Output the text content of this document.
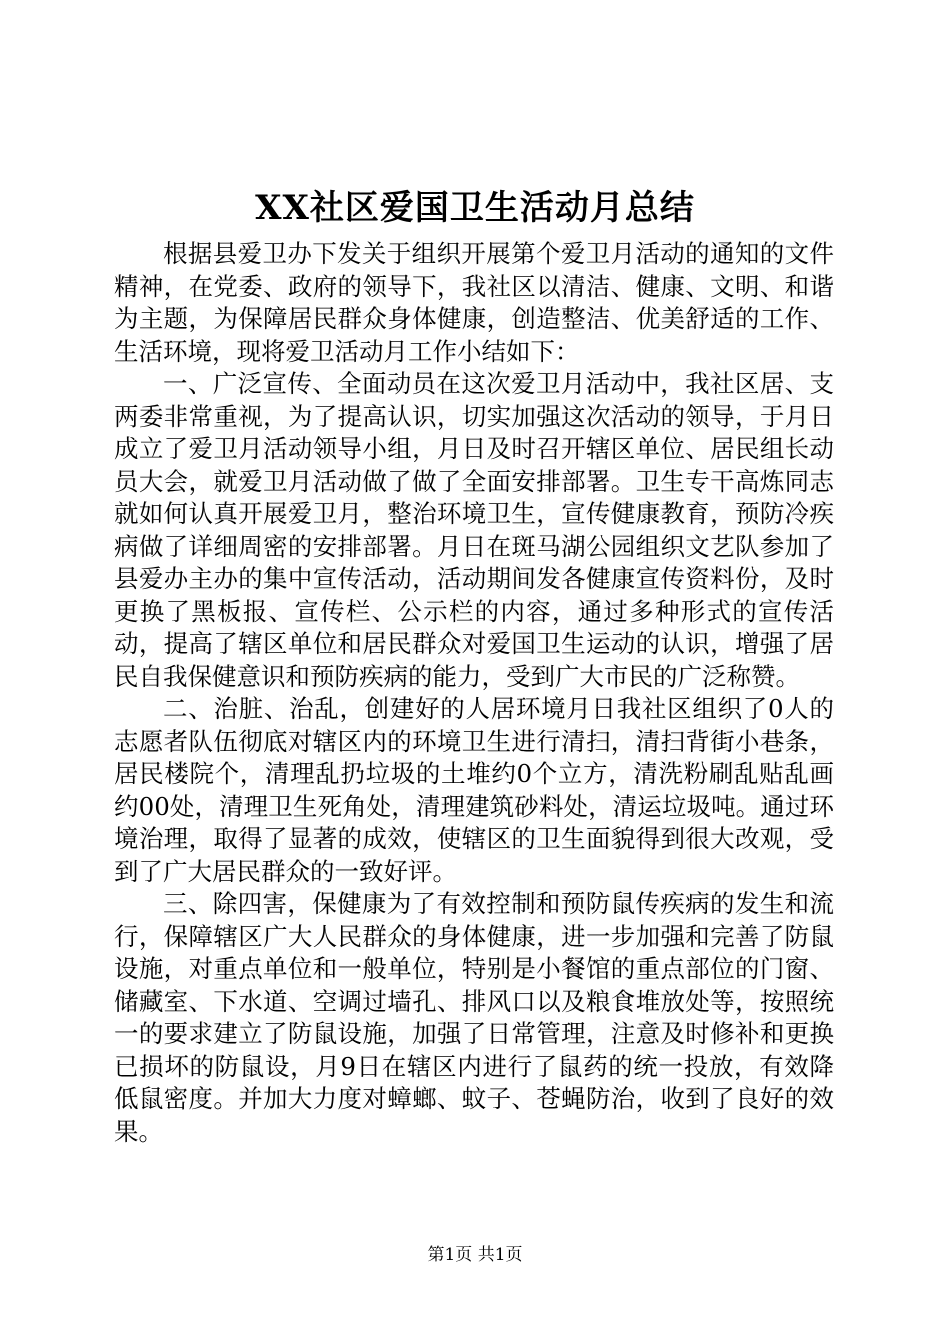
XX社区爱国卫生活动月总结

根据县爱卫办下发关于组织开展第个爱卫月活动的通知的文件精神，在党委、政府的领导下，我社区以清洁、健康、文明、和谐为主题，为保障居民群众身体健康，创造整洁、优美舒适的工作、生活环境，现将爱卫活动月工作小结如下：

一、广泛宣传、全面动员在这次爱卫月活动中，我社区居、支两委非常重视，为了提高认识，切实加强这次活动的领导，于月日成立了爱卫月活动领导小组，月日及时召开辖区单位、居民组长动员大会，就爱卫月活动做了做了全面安排部署。卫生专干高炼同志就如何认真开展爱卫月，整治环境卫生，宣传健康教育，预防冷疾病做了详细周密的安排部署。月日在斑马湖公园组织文艺队参加了县爱办主办的集中宣传活动，活动期间发各健康宣传资料份，及时更换了黑板报、宣传栏、公示栏的内容，通过多种形式的宣传活动，提高了辖区单位和居民群众对爱国卫生运动的认识，增强了居民自我保健意识和预防疾病的能力，受到广大市民的广泛称赞。

二、治脏、治乱，创建好的人居环境月日我社区组织了0人的志愿者队伍彻底对辖区内的环境卫生进行清扫，清扫背街小巷条，居民楼院个，清理乱扔垃圾的土堆约0个立方，清洗粉刷乱贴乱画约00处，清理卫生死角处，清理建筑砂料处，清运垃圾吨。通过环境治理，取得了显著的成效，使辖区的卫生面貌得到很大改观，受到了广大居民群众的一致好评。

三、除四害，保健康为了有效控制和预防鼠传疾病的发生和流行，保障辖区广大人民群众的身体健康，进一步加强和完善了防鼠设施，对重点单位和一般单位，特别是小餐馆的重点部位的门窗、储藏室、下水道、空调过墙孔、排风口以及粮食堆放处等，按照统一的要求建立了防鼠设施，加强了日常管理，注意及时修补和更换已损坏的防鼠设，月9日在辖区内进行了鼠药的统一投放，有效降低鼠密度。并加大力度对蟑螂、蚊子、苍蝇防治，收到了良好的效果。

第1页 共1页
